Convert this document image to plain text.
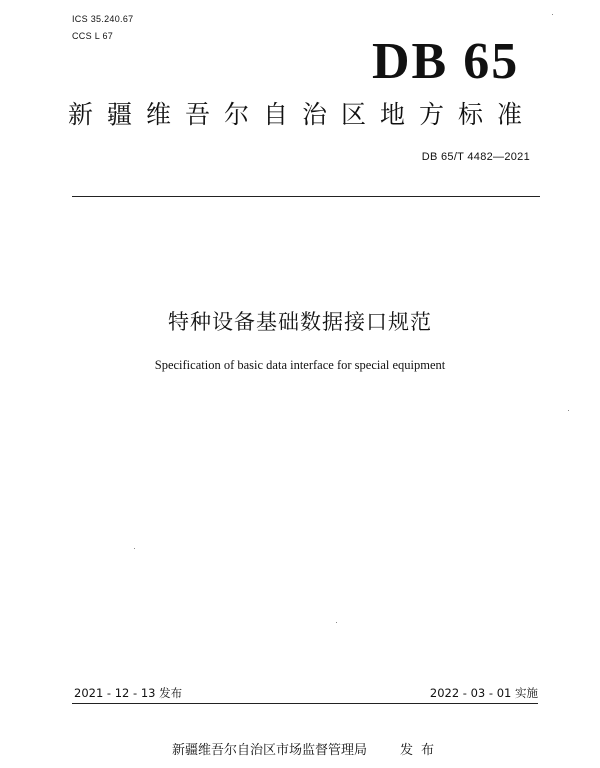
ICS 35.240.67
CCS L 67	DB 65
新疆维吾尔自治区地方标准
DB 65/T 4482—2021
特种设备基础数据接口规范
Specification of basic data interface for special equipment
2021 - 12 - 13 发布	2022 - 03 - 01 实施
新疆维吾尔自治区市场监督管理局	发布
